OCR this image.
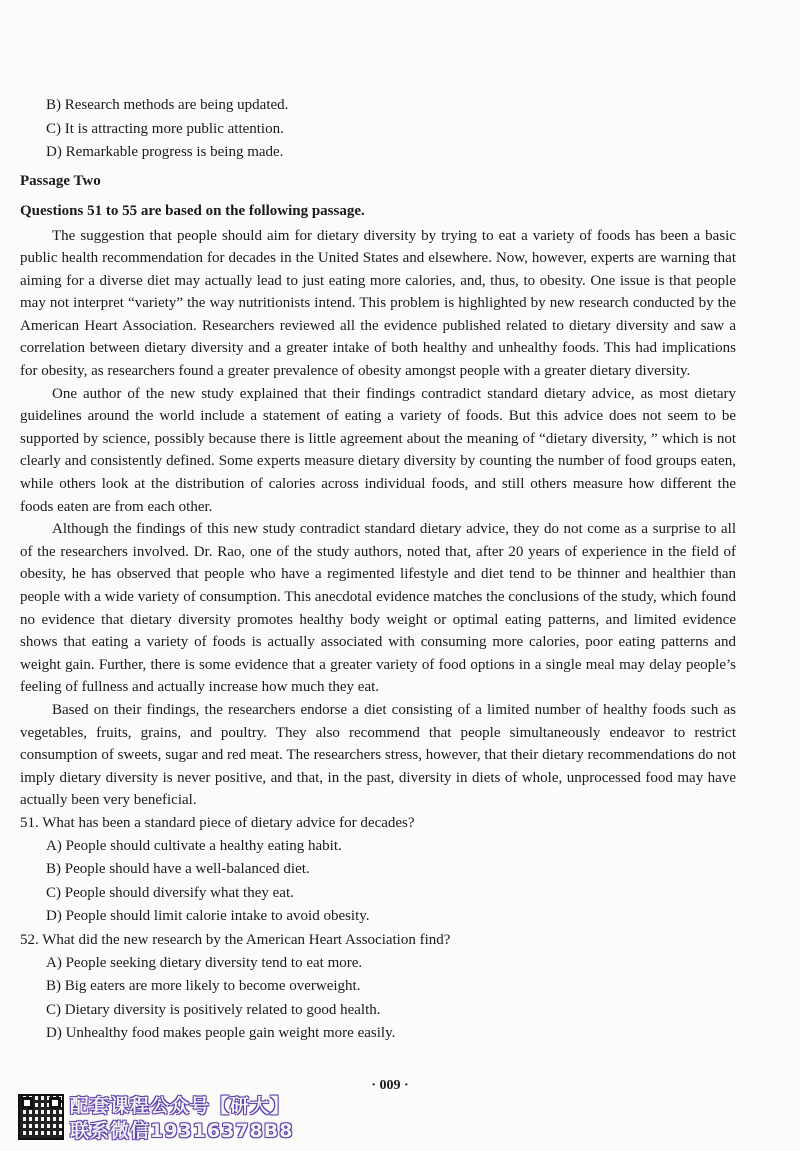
B) Research methods are being updated.
C) It is attracting more public attention.
D) Remarkable progress is being made.
Passage Two
Questions 51 to 55 are based on the following passage.

The suggestion that people should aim for dietary diversity by trying to eat a variety of foods has been a basic public health recommendation for decades in the United States and elsewhere. Now, however, experts are warning that aiming for a diverse diet may actually lead to just eating more calories, and, thus, to obesity. One issue is that people may not interpret “variety” the way nutritionists intend. This problem is highlighted by new research conducted by the American Heart Association. Researchers reviewed all the evidence published related to dietary diversity and saw a correlation between dietary diversity and a greater intake of both healthy and unhealthy foods. This had implications for obesity, as researchers found a greater prevalence of obesity amongst people with a greater dietary diversity.

One author of the new study explained that their findings contradict standard dietary advice, as most dietary guidelines around the world include a statement of eating a variety of foods. But this advice does not seem to be supported by science, possibly because there is little agreement about the meaning of “dietary diversity, ” which is not clearly and consistently defined. Some experts measure dietary diversity by counting the number of food groups eaten, while others look at the distribution of calories across individual foods, and still others measure how different the foods eaten are from each other.

Although the findings of this new study contradict standard dietary advice, they do not come as a surprise to all of the researchers involved. Dr. Rao, one of the study authors, noted that, after 20 years of experience in the field of obesity, he has observed that people who have a regimented lifestyle and diet tend to be thinner and healthier than people with a wide variety of consumption. This anecdotal evidence matches the conclusions of the study, which found no evidence that dietary diversity promotes healthy body weight or optimal eating patterns, and limited evidence shows that eating a variety of foods is actually associated with consuming more calories, poor eating patterns and weight gain. Further, there is some evidence that a greater variety of food options in a single meal may delay people’s feeling of fullness and actually increase how much they eat.

Based on their findings, the researchers endorse a diet consisting of a limited number of healthy foods such as vegetables, fruits, grains, and poultry. They also recommend that people simultaneously endeavor to restrict consumption of sweets, sugar and red meat. The researchers stress, however, that their dietary recommendations do not imply dietary diversity is never positive, and that, in the past, diversity in diets of whole, unprocessed food may have actually been very beneficial.

51. What has been a standard piece of dietary advice for decades?
A) People should cultivate a healthy eating habit.
B) People should have a well-balanced diet.
C) People should diversify what they eat.
D) People should limit calorie intake to avoid obesity.
52. What did the new research by the American Heart Association find?
A) People seeking dietary diversity tend to eat more.
B) Big eaters are more likely to become overweight.
C) Dietary diversity is positively related to good health.
D) Unhealthy food makes people gain weight more easily.
· 009 ·
配套课程公众号【研大】
联系微信19316378B8
